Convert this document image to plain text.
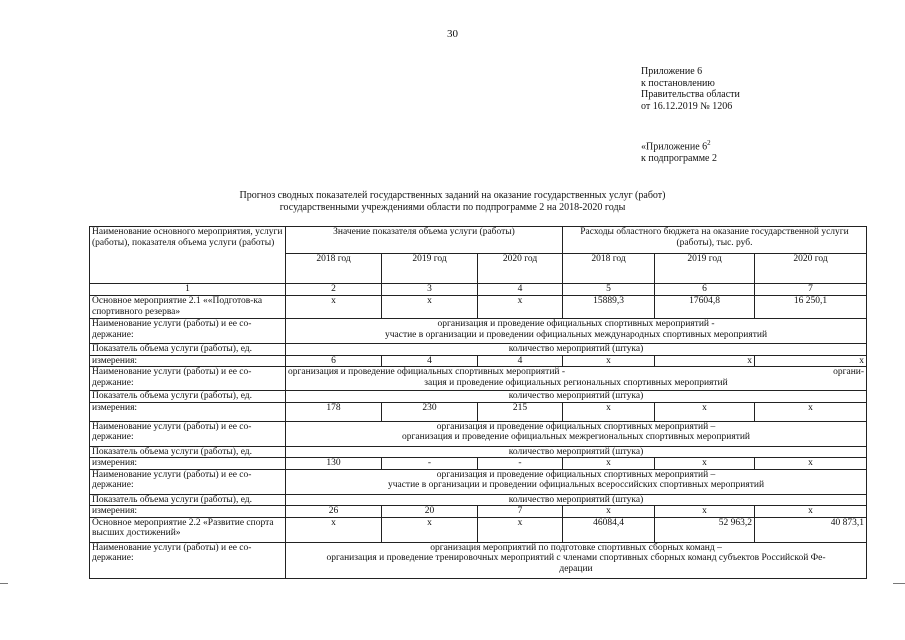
30
Приложение 6
к постановлению
Правительства области
от 16.12.2019 № 1206
«Приложение $6^2$
к подпрограмме 2
Прогноз сводных показателей государственных заданий на оказание государственных услуг (работ)
государственными учреждениями области по подпрограмме 2 на 2018-2020 годы
Наименование основного мероприятия, услуги (работы), показателя объема услуги (работы)	Значение показателя объема услуги (работы)			Расходы областного бюджета на оказание государственной услуги (работы), тыс. руб.		
	2018 год	2019 год	2020 год	2018 год	2019 год	2020 год
1	2	3	4	5	6	7
Основное мероприятие 2.1 ««Подготов-ка спортивного резерва»	х	х	х	15889,3	17604,8	16 250,1
Наименование услуги (работы) и ее со-держание:	организация и проведение официальных спортивных мероприятий -
участие в организации и проведении официальных международных спортивных мероприятий					

Показатель объема услуги (работы), ед.	количество мероприятий (штука)					
измерения:	6	4	4	х	х	х
Наименование услуги (работы) и ее со-держание:	организация и проведение официальных спортивных мероприятий - органи-
зация и проведение официальных региональных спортивных мероприятий					

Показатель объема услуги (работы), ед.	количество мероприятий (штука)					
измерения:	178	230	215	х	х	х
Наименование услуги (работы) и ее со-держание:	организация и проведение официальных спортивных мероприятий –
организация и проведение официальных межрегиональных спортивных мероприятий					

Показатель объема услуги (работы), ед.	количество мероприятий (штука)					
измерения:	130	-	-	х	х	х
Наименование услуги (работы) и ее со-держание:	организация и проведение официальных спортивных мероприятий –
участие в организации и проведении официальных всероссийских спортивных мероприятий					

Показатель объема услуги (работы), ед.	количество мероприятий (штука)					
измерения:	26	20	7	х	х	х
Основное мероприятие 2.2 «Развитие спорта высших достижений»	х	х	х	46084,4	52 963,2	40 873,1
Наименование услуги (работы) и ее со-держание:	организация мероприятий по подготовке спортивных сборных команд –
организация и проведение тренировочных мероприятий с членами спортивных сборных команд субъектов Российской Фе-
дерации					
